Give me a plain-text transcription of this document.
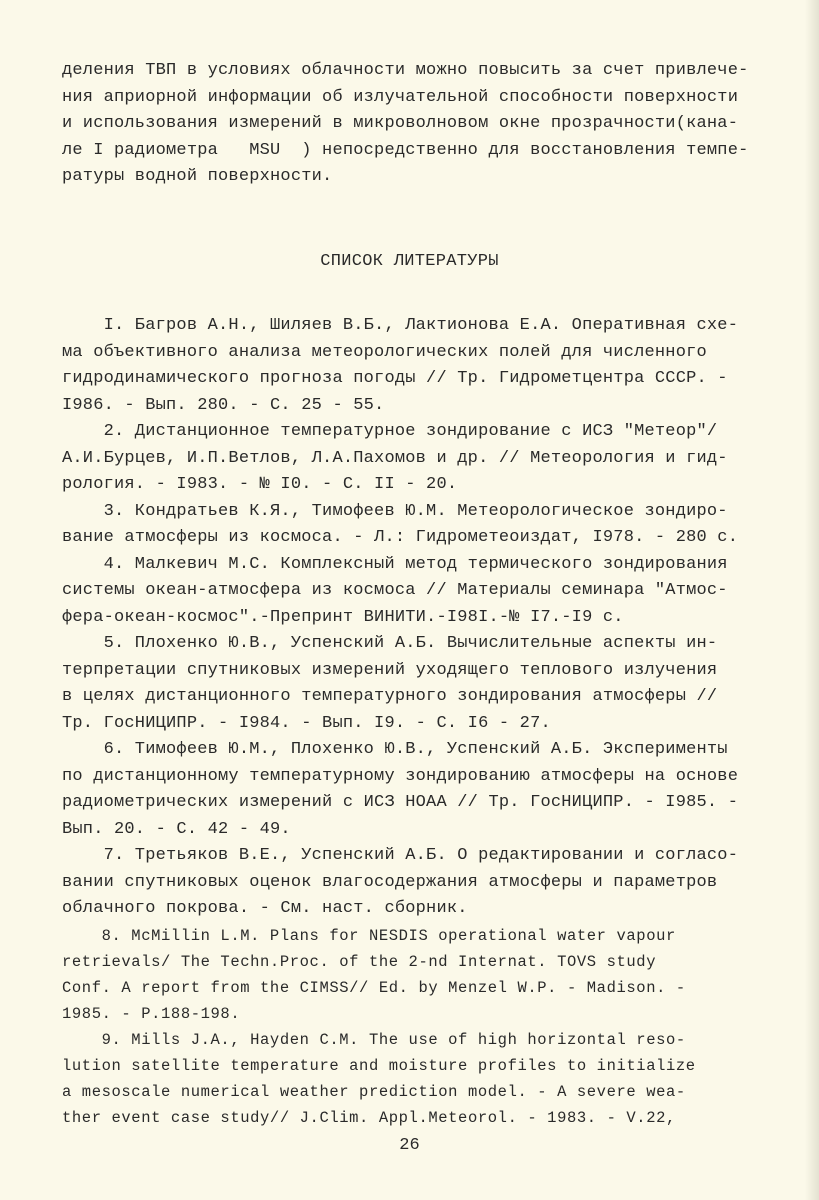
деления ТВП в условиях облачности можно повысить за счет привлече-
ния априорной информации об излучательной способности поверхности
и использования измерений в микроволновом окне прозрачности(кана-
ле I радиометра   MSU  ) непосредственно для восстановления темпе-
ратуры водной поверхности.
СПИСОК ЛИТЕРАТУРЫ
I. Багров А.Н., Шиляев В.Б., Лактионова Е.А. Оперативная схе-
ма объективного анализа метеорологических полей для численного
гидродинамического прогноза погоды // Тр. Гидрометцентра СССР. -
I986. - Вып. 280. - С. 25 - 55.
2. Дистанционное температурное зондирование с ИСЗ "Метеор"/
А.И.Бурцев, И.П.Ветлов, Л.А.Пахомов и др. // Метеорология и гид-
рология. - I983. - № I0. - С. II - 20.
3. Кондратьев К.Я., Тимофеев Ю.М. Метеорологическое зондиро-
вание атмосферы из космоса. - Л.: Гидрометеоиздат, I978. - 280 с.
4. Малкевич М.С. Комплексный метод термического зондирования
системы океан-атмосфера из космоса // Материалы семинара "Атмос-
фера-океан-космос".-Препринт ВИНИТИ.-I98I.-№ I7.-I9 с.
5. Плохенко Ю.В., Успенский А.Б. Вычислительные аспекты ин-
терпретации спутниковых измерений уходящего теплового излучения
в целях дистанционного температурного зондирования атмосферы //
Тр. ГосНИЦИПР. - I984. - Вып. I9. - С. I6 - 27.
6. Тимофеев Ю.М., Плохенко Ю.В., Успенский А.Б. Эксперименты
по дистанционному температурному зондированию атмосферы на основе
радиометрических измерений с ИСЗ НОАА // Тр. ГосНИЦИПР. - I985. -
Вып. 20. - С. 42 - 49.
7. Третьяков В.Е., Успенский А.Б. О редактировании и согласо-
вании спутниковых оценок влагосодержания атмосферы и параметров
облачного покрова. - См. наст. сборник.
8. McMillin L.M. Plans for NESDIS operational water vapour
retrievals/ The Techn.Proc. of the 2-nd Internat. TOVS study
Conf. A report from the CIMSS// Ed. by Menzel W.P. - Madison. -
1985. - P.188-198.
9. Mills J.A., Hayden C.M. The use of high horizontal reso-
lution satellite temperature and moisture profiles to initialize
a mesoscale numerical weather prediction model. - A severe wea-
ther event case study// J.Clim. Appl.Meteorol. - 1983. - V.22,
26
